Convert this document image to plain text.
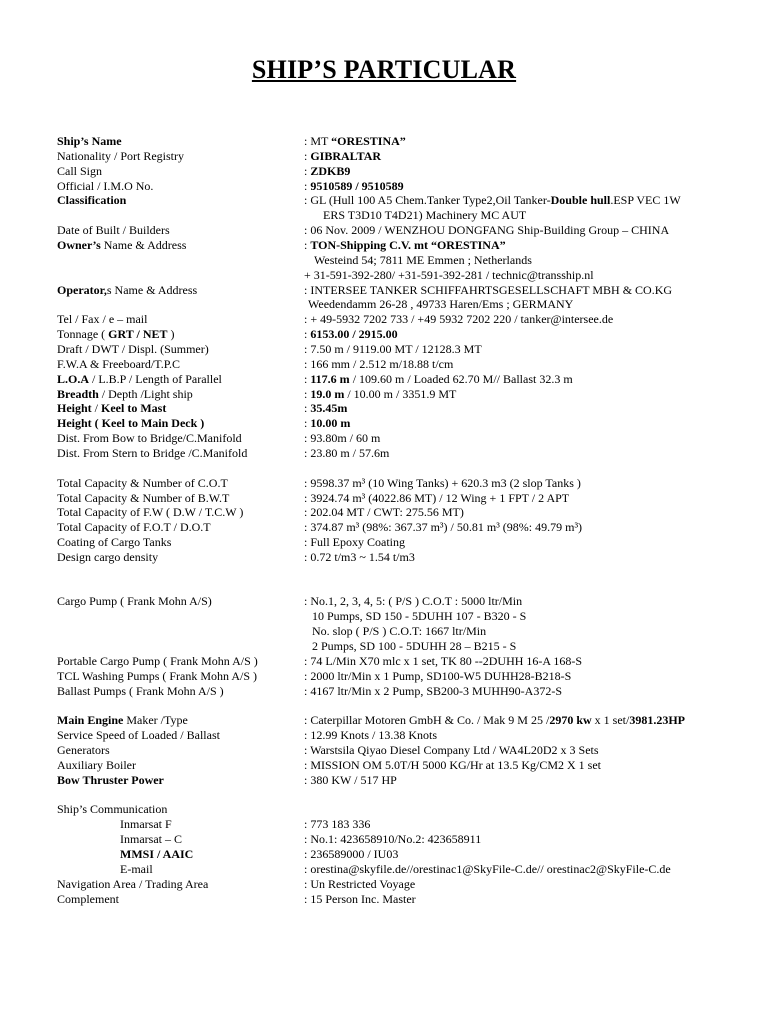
SHIP’S PARTICULAR
Ship’s Name	: MT “ORESTINA”
Nationality / Port Registry	: GIBRALTAR
Call Sign	: ZDKB9
Official / I.M.O No.	: 9510589 / 9510589
Classification	: GL (Hull 100 A5 Chem.Tanker Type2,Oil Tanker-Double hull.ESP VEC 1W
ERS T3D10 T4D21) Machinery MC AUT
Date of Built / Builders	: 06 Nov. 2009 / WENZHOU DONGFANG Ship-Building Group – CHINA
Owner’s Name & Address	: TON-Shipping C.V. mt “ORESTINA”
Westeind 54; 7811 ME Emmen ; Netherlands
+ 31-591-392-280/ +31-591-392-281 / technic@transship.nl
Operator,s Name & Address	: INTERSEE TANKER SCHIFFAHRTSGESELLSCHAFT MBH & CO.KG
Weedendamm 26-28 , 49733 Haren/Ems ; GERMANY
Tel / Fax / e – mail	: + 49-5932 7202 733 / +49 5932 7202 220 / tanker@intersee.de
Tonnage ( GRT / NET )	: 6153.00 / 2915.00
Draft / DWT / Displ. (Summer)	: 7.50 m / 9119.00 MT / 12128.3 MT
F.W.A & Freeboard/T.P.C	: 166 mm / 2.512 m/18.88 t/cm
L.O.A / L.B.P / Length of Parallel	: 117.6 m / 109.60 m / Loaded 62.70 M// Ballast 32.3 m
Breadth / Depth /Light ship	: 19.0 m / 10.00 m / 3351.9 MT
Height / Keel to Mast	: 35.45m
Height ( Keel to Main Deck )	: 10.00 m
Dist. From Bow to Bridge/C.Manifold	: 93.80m / 60 m
Dist. From Stern to Bridge /C.Manifold	: 23.80 m / 57.6m
Total Capacity & Number of C.O.T	: 9598.37 m³ (10 Wing Tanks) + 620.3 m3 (2 slop Tanks )
Total Capacity & Number of B.W.T	: 3924.74 m³ (4022.86 MT) / 12 Wing + 1 FPT / 2 APT
Total Capacity of F.W ( D.W / T.C.W )	: 202.04 MT / CWT: 275.56 MT)
Total Capacity of F.O.T / D.O.T	: 374.87 m³ (98%: 367.37 m³) / 50.81 m³ (98%: 49.79 m³)
Coating of Cargo Tanks	: Full Epoxy Coating
Design cargo density	: 0.72 t/m3 ~ 1.54 t/m3
Cargo Pump ( Frank Mohn A/S)	: No.1, 2, 3, 4, 5: ( P/S ) C.O.T : 5000 ltr/Min
10 Pumps, SD 150 - 5DUHH 107 - B320 - S
No. slop ( P/S ) C.O.T: 1667 ltr/Min
2 Pumps, SD 100 - 5DUHH 28 – B215 - S
Portable Cargo Pump ( Frank Mohn A/S )	: 74 L/Min X70 mlc x 1 set, TK 80 --2DUHH 16-A 168-S
TCL Washing Pumps ( Frank Mohn A/S )	: 2000 ltr/Min x 1 Pump, SD100-W5 DUHH28-B218-S
Ballast Pumps ( Frank Mohn A/S )	: 4167 ltr/Min x 2 Pump, SB200-3 MUHH90-A372-S
Main Engine Maker /Type	: Caterpillar Motoren GmbH & Co. / Mak 9 M 25 /2970 kw x 1 set/3981.23HP
Service Speed of Loaded / Ballast	: 12.99 Knots / 13.38 Knots
Generators	: Warstsila Qiyao Diesel Company Ltd / WA4L20D2 x 3 Sets
Auxiliary Boiler	: MISSION OM 5.0T/H 5000 KG/Hr at 13.5 Kg/CM2 X 1 set
Bow Thruster Power	: 380 KW / 517 HP
Ship’s Communication
Inmarsat F	: 773 183 336
Inmarsat – C	: No.1: 423658910/No.2: 423658911
MMSI / AAIC	: 236589000 / IU03
E-mail	: orestina@skyfile.de//orestinac1@SkyFile-C.de// orestinac2@SkyFile-C.de
Navigation Area / Trading Area	: Un Restricted Voyage
Complement	: 15 Person Inc. Master
